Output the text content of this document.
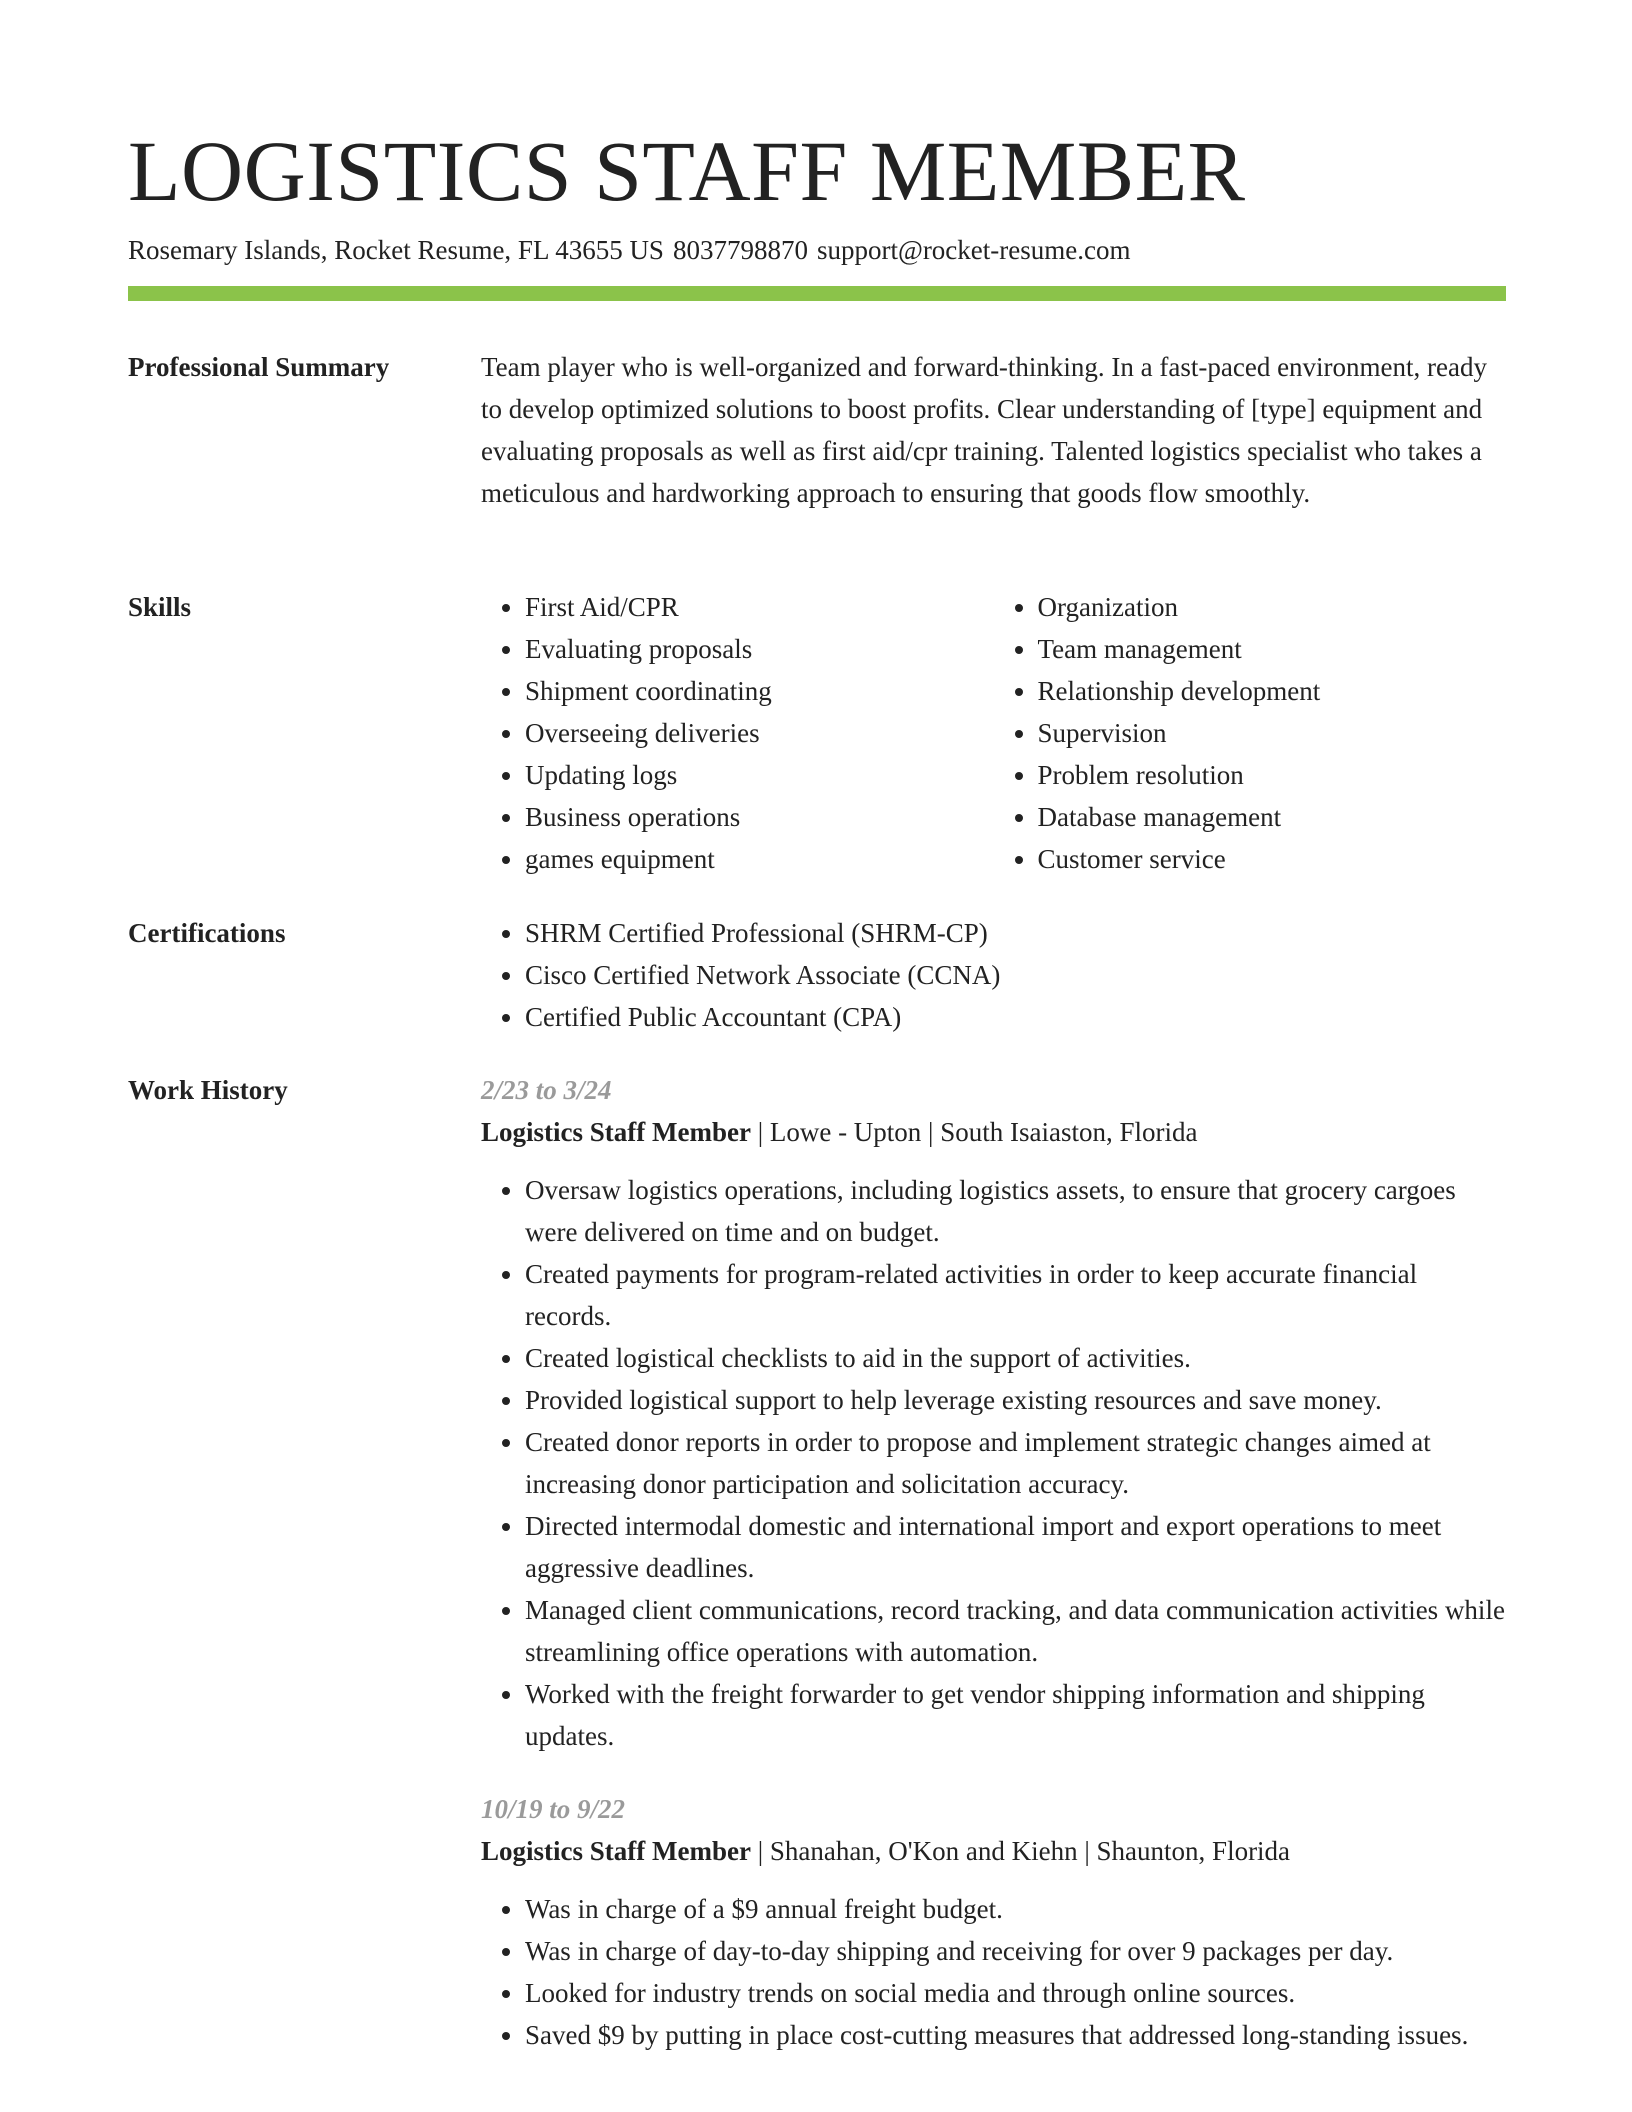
LOGISTICS STAFF MEMBER
Rosemary Islands, Rocket Resume, FL 43655 US 8037798870 support@rocket-resume.com
Professional Summary	Team player who is well-organized and forward-thinking. In a fast-paced environment, ready to develop optimized solutions to boost profits. Clear understanding of [type] equipment and evaluating proposals as well as first aid/cpr training. Talented logistics specialist who takes a meticulous and hardworking approach to ensuring that goods flow smoothly.

Skills	• First Aid/CPR
• Evaluating proposals
• Shipment coordinating
• Overseeing deliveries
• Updating logs
• Business operations
• games equipment
• Organization
• Team management
• Relationship development
• Supervision
• Problem resolution
• Database management
• Customer service
Certifications	• SHRM Certified Professional (SHRM-CP)
• Cisco Certified Network Associate (CCNA)
• Certified Public Accountant (CPA)
Work History	2/23 to 3/24
Logistics Staff Member | Lowe - Upton | South Isaiaston, Florida
• Oversaw logistics operations, including logistics assets, to ensure that grocery cargoes were delivered on time and on budget.
• Created payments for program-related activities in order to keep accurate financial records.
• Created logistical checklists to aid in the support of activities.
• Provided logistical support to help leverage existing resources and save money.
• Created donor reports in order to propose and implement strategic changes aimed at increasing donor participation and solicitation accuracy.
• Directed intermodal domestic and international import and export operations to meet aggressive deadlines.
• Managed client communications, record tracking, and data communication activities while streamlining office operations with automation.
• Worked with the freight forwarder to get vendor shipping information and shipping updates.
10/19 to 9/22
Logistics Staff Member | Shanahan, O'Kon and Kiehn | Shaunton, Florida
• Was in charge of a $9 annual freight budget.
• Was in charge of day-to-day shipping and receiving for over 9 packages per day.
• Looked for industry trends on social media and through online sources.
• Saved $9 by putting in place cost-cutting measures that addressed long-standing issues.
